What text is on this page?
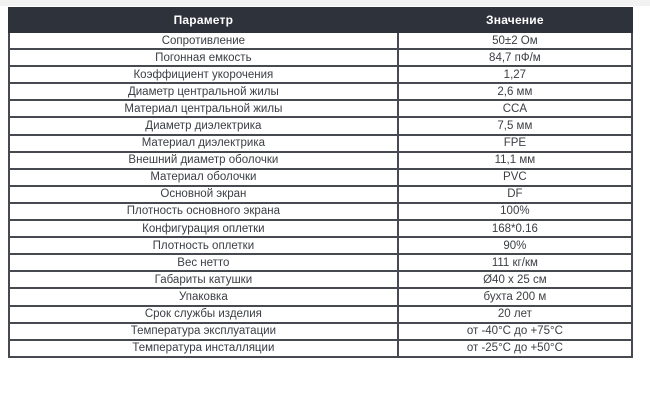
Параметр	Значение
Сопротивление	50±2 Ом
Погонная емкость	84,7 пФ/м
Коэффициент укорочения	1,27
Диаметр центральной жилы	2,6 мм
Материал центральной жилы	CCA
Диаметр диэлектрика	7,5 мм
Материал диэлектрика	FPE
Внешний диаметр оболочки	11,1 мм
Материал оболочки	PVC
Основной экран	DF
Плотность основного экрана	100%
Конфигурация оплетки	168*0.16
Плотность оплетки	90%
Вес нетто	111 кг/км
Габариты катушки	Ø40 x 25 см
Упаковка	бухта 200 м
Срок службы изделия	20 лет
Температура эксплуатации	от -40°C до +75°C
Температура инсталляции	от -25°C до +50°C
